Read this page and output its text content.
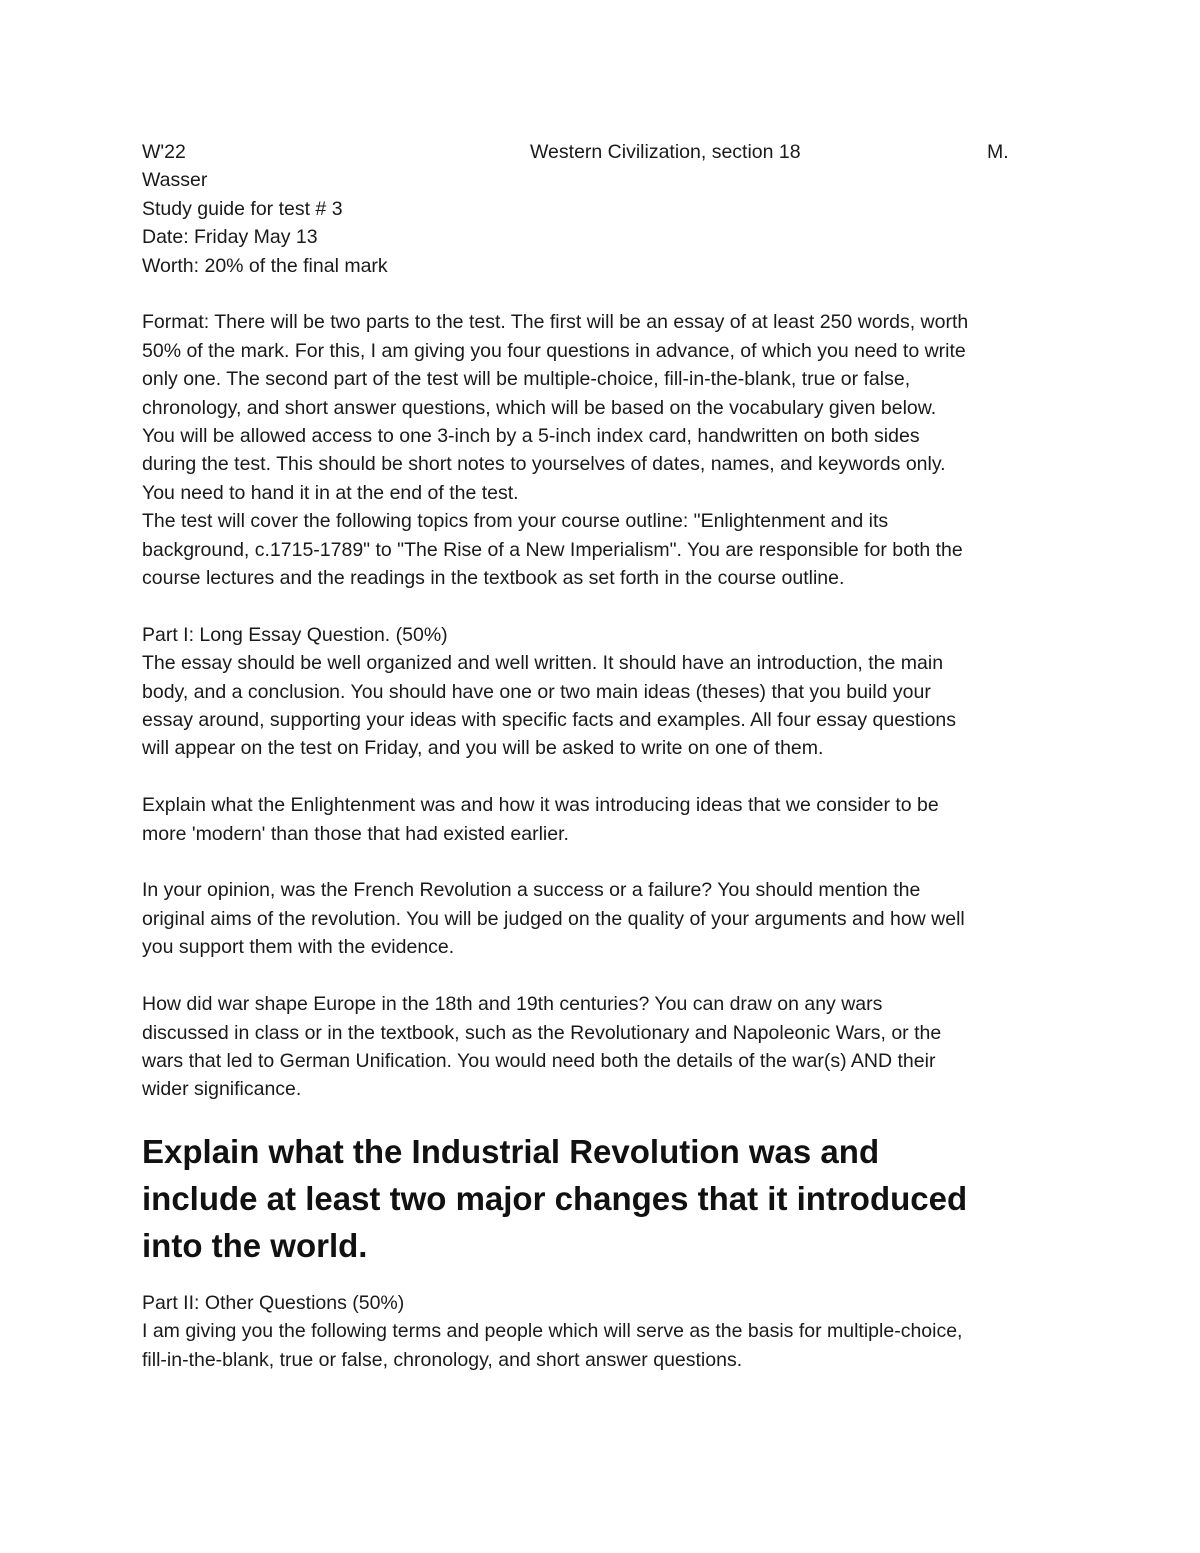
W'22	Western Civilization, section 18	M.
Wasser
Study guide for test # 3
Date: Friday May 13
Worth: 20% of the final mark
Format: There will be two parts to the test. The first will be an essay of at least 250 words, worth
50% of the mark. For this, I am giving you four questions in advance, of which you need to write
only one. The second part of the test will be multiple-choice, fill-in-the-blank, true or false,
chronology, and short answer questions, which will be based on the vocabulary given below.
You will be allowed access to one 3-inch by a 5-inch index card, handwritten on both sides
during the test. This should be short notes to yourselves of dates, names, and keywords only.
You need to hand it in at the end of the test.
The test will cover the following topics from your course outline: "Enlightenment and its
background, c.1715-1789" to "The Rise of a New Imperialism". You are responsible for both the
course lectures and the readings in the textbook as set forth in the course outline.
Part I: Long Essay Question. (50%)
The essay should be well organized and well written. It should have an introduction, the main
body, and a conclusion. You should have one or two main ideas (theses) that you build your
essay around, supporting your ideas with specific facts and examples. All four essay questions
will appear on the test on Friday, and you will be asked to write on one of them.
Explain what the Enlightenment was and how it was introducing ideas that we consider to be
more 'modern' than those that had existed earlier.
In your opinion, was the French Revolution a success or a failure? You should mention the
original aims of the revolution. You will be judged on the quality of your arguments and how well
you support them with the evidence.
How did war shape Europe in the 18th and 19th centuries? You can draw on any wars
discussed in class or in the textbook, such as the Revolutionary and Napoleonic Wars, or the
wars that led to German Unification. You would need both the details of the war(s) AND their
wider significance.
Explain what the Industrial Revolution was and
include at least two major changes that it introduced
into the world.
Part II: Other Questions (50%)
I am giving you the following terms and people which will serve as the basis for multiple-choice,
fill-in-the-blank, true or false, chronology, and short answer questions.
